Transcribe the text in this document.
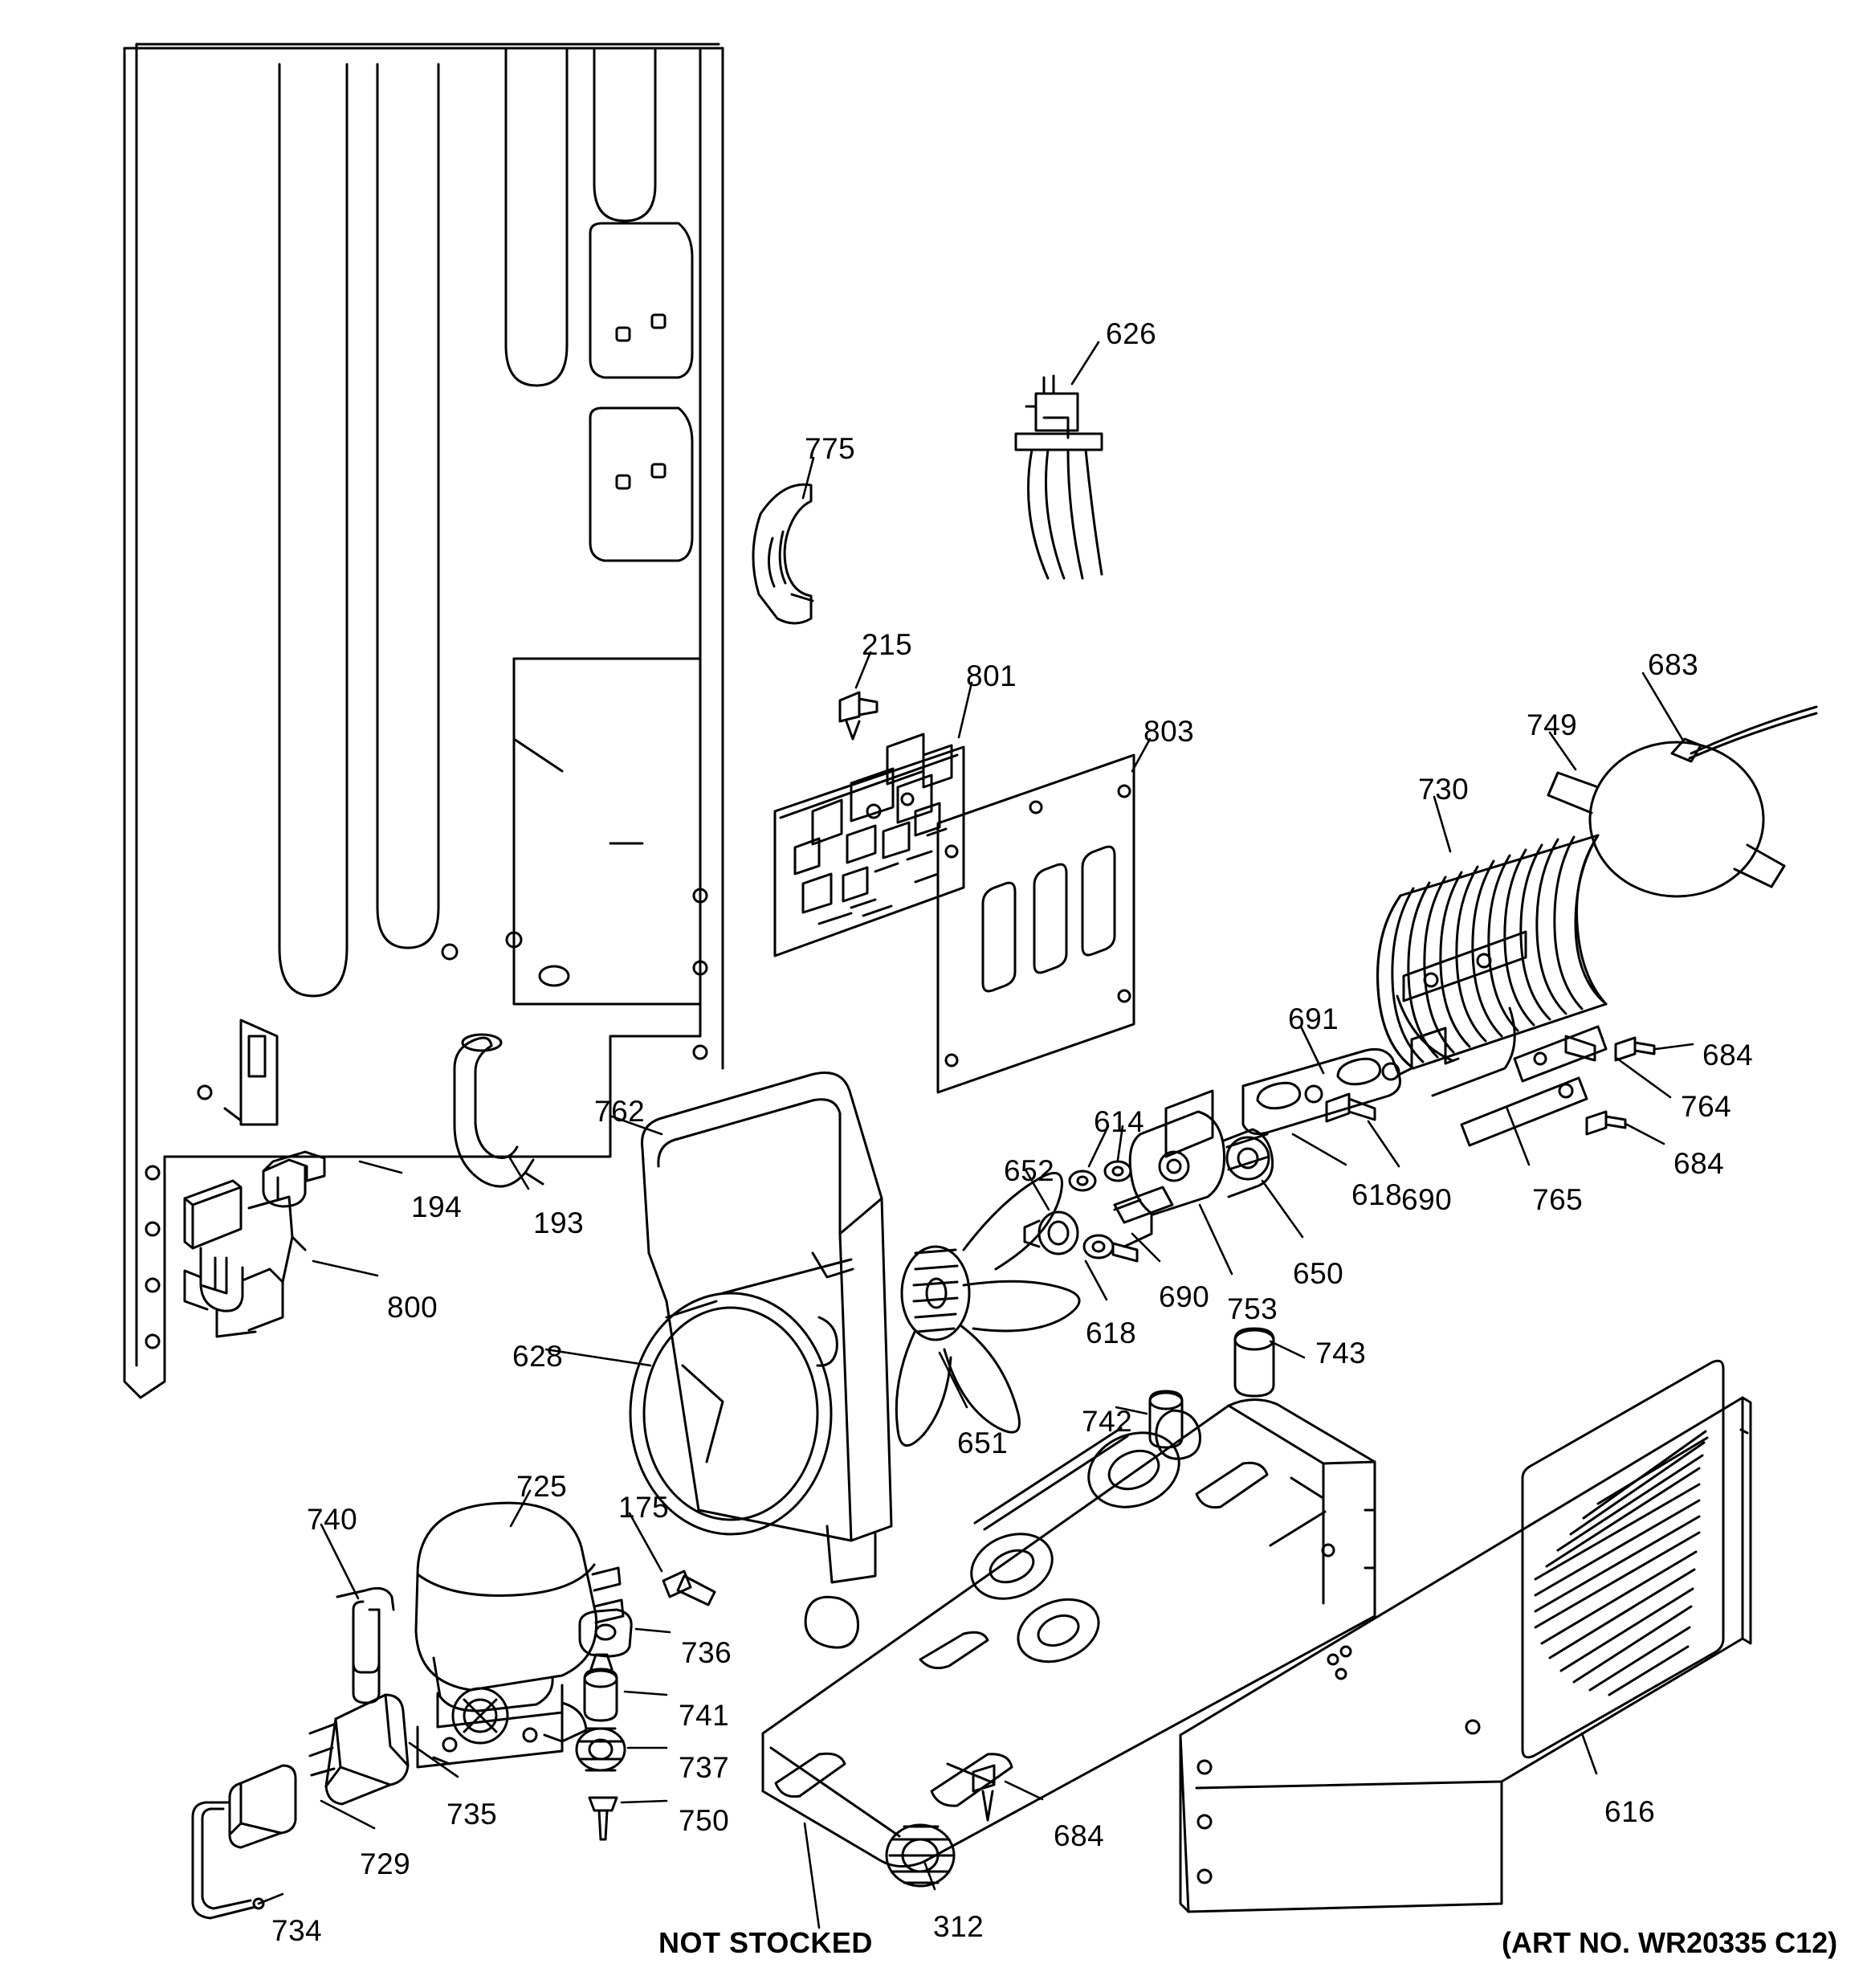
626
775
215
801
803
683
749
730
691
684
764
684
614
652
618
690
650
765
753
690
618
762
194 193
800
628	743
742
651
725
740	175
736
741
737
750
735
729
734
684
312
616
NOT STOCKED	(ART NO. WR20335 C12)
